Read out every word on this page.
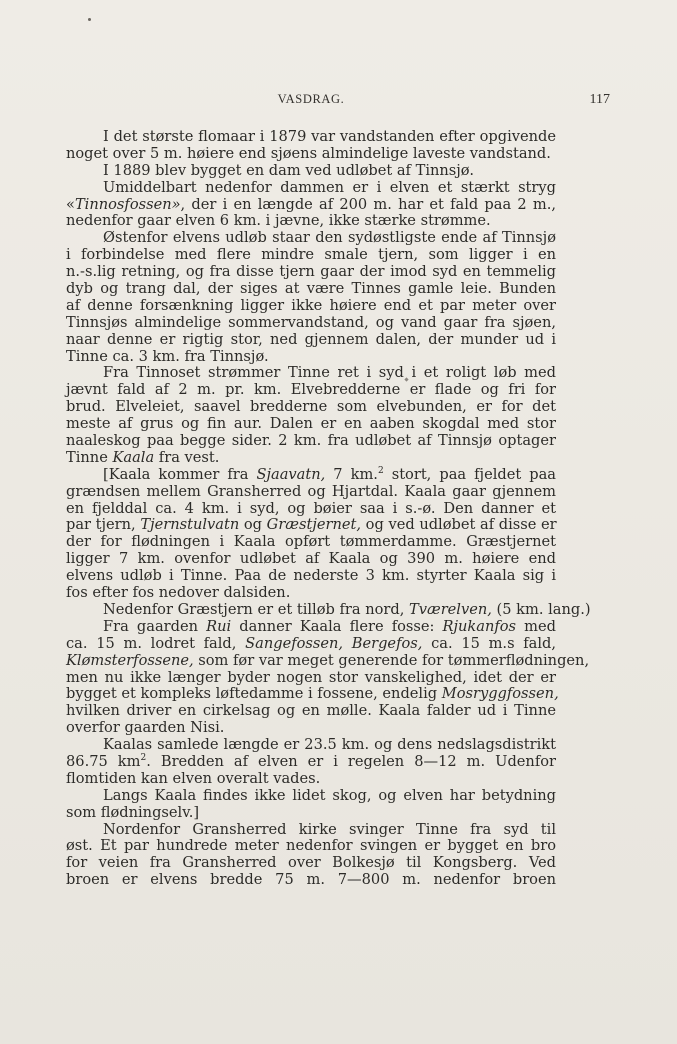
VASDRAG.	117
I det største flomaar i 1879 var vandstanden efter opgivende
noget over 5 m. høiere end sjøens almindelige laveste vandstand.
I 1889 blev bygget en dam ved udløbet af Tinnsjø.
Umiddelbart nedenfor dammen er i elven et stærkt stryg
«Tinnosfossen», der i en længde af 200 m. har et fald paa 2 m.,
nedenfor gaar elven 6 km. i jævne, ikke stærke strømme.
Østenfor elvens udløb staar den sydøstligste ende af Tinnsjø
i forbindelse med flere mindre smale tjern, som ligger i en
n.-s.lig retning, og fra disse tjern gaar der imod syd en temmelig
dyb og trang dal, der siges at være Tinnes gamle leie. Bunden
af denne forsænkning ligger ikke høiere end et par meter over
Tinnsjøs almindelige sommervandstand, og vand gaar fra sjøen,
naar denne er rigtig stor, ned gjennem dalen, der munder ud i
Tinne ca. 3 km. fra Tinnsjø.
Fra Tinnoset strømmer Tinne ret i syd i et roligt løb med
jævnt fald af 2 m. pr. km. Elvebredderne er flade og fri for
brud. Elveleiet, saavel bredderne som elvebunden, er for det
meste af grus og fin aur. Dalen er en aaben skogdal med stor
naaleskog paa begge sider. 2 km. fra udløbet af Tinnsjø optager
Tinne Kaala fra vest.
[Kaala kommer fra Sjaavatn, 7 km.$^2$ stort, paa fjeldet paa
grændsen mellem Gransherred og Hjartdal. Kaala gaar gjennem
en fjelddal ca. 4 km. i syd, og bøier saa i s.-ø. Den danner et
par tjern, Tjernstulvatn og Græstjernet, og ved udløbet af disse er
der for flødningen i Kaala opført tømmerdamme. Græstjernet
ligger 7 km. ovenfor udløbet af Kaala og 390 m. høiere end
elvens udløb i Tinne. Paa de nederste 3 km. styrter Kaala sig i
fos efter fos nedover dalsiden.
Nedenfor Græstjern er et tilløb fra nord, Tværelven, (5 km. lang.)
Fra gaarden Rui danner Kaala flere fosse: Rjukanfos med
ca. 15 m. lodret fald, Sangefossen, Bergefos, ca. 15 m.s fald,
Klømsterfossene, som før var meget generende for tømmerflødningen,
men nu ikke længer byder nogen stor vanskelighed, idet der er
bygget et kompleks løftedamme i fossene, endelig Mosryggfossen,
hvilken driver en cirkelsag og en mølle. Kaala falder ud i Tinne
overfor gaarden Nisi.
Kaalas samlede længde er 23.5 km. og dens nedslagsdistrikt
86.75 $km^2$. Bredden af elven er i regelen 8—12 m. Udenfor
flomtiden kan elven overalt vades.
Langs Kaala findes ikke lidet skog, og elven har betydning
som flødningselv.]
Nordenfor Gransherred kirke svinger Tinne fra syd til
øst. Et par hundrede meter nedenfor svingen er bygget en bro
for veien fra Gransherred over Bolkesjø til Kongsberg. Ved
broen er elvens bredde 75 m. 7—800 m. nedenfor broen
